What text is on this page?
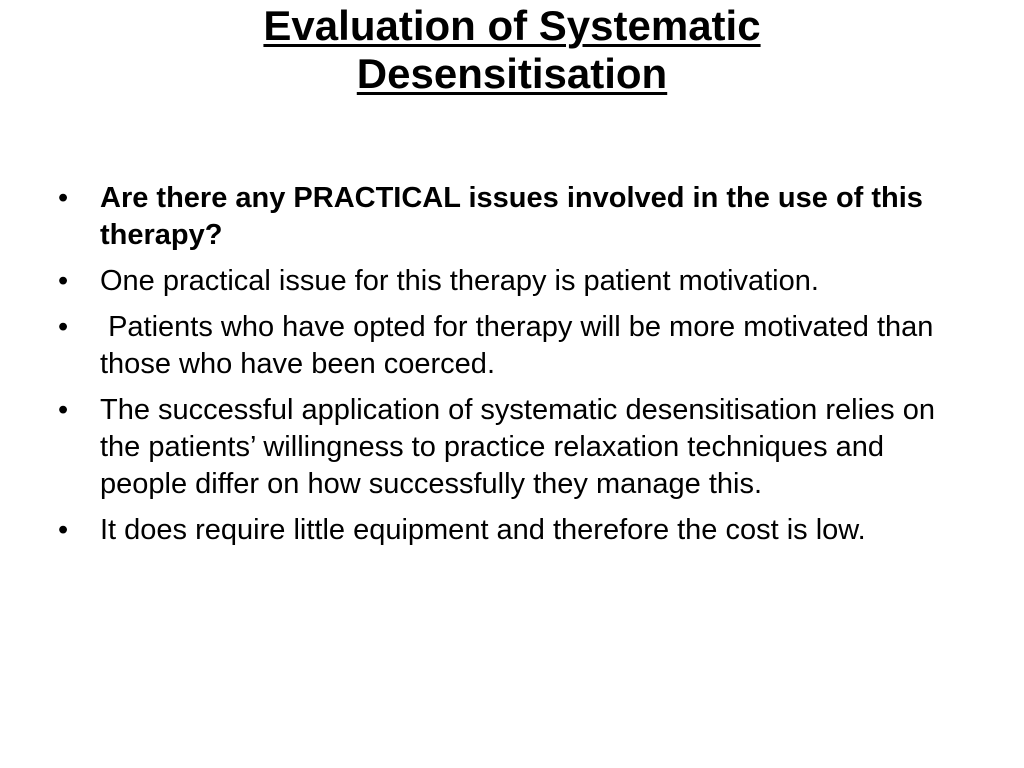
Evaluation of Systematic
Desensitisation
•	Are there any PRACTICAL issues involved in the use of this therapy?
•	One practical issue for this therapy is patient motivation.
•	Patients who have opted for therapy will be more motivated than those who have been coerced.
•	The successful application of systematic desensitisation relies on the patients’ willingness to practice relaxation techniques and people differ on how successfully they manage this.
•	It does require little equipment and therefore the cost is low.
